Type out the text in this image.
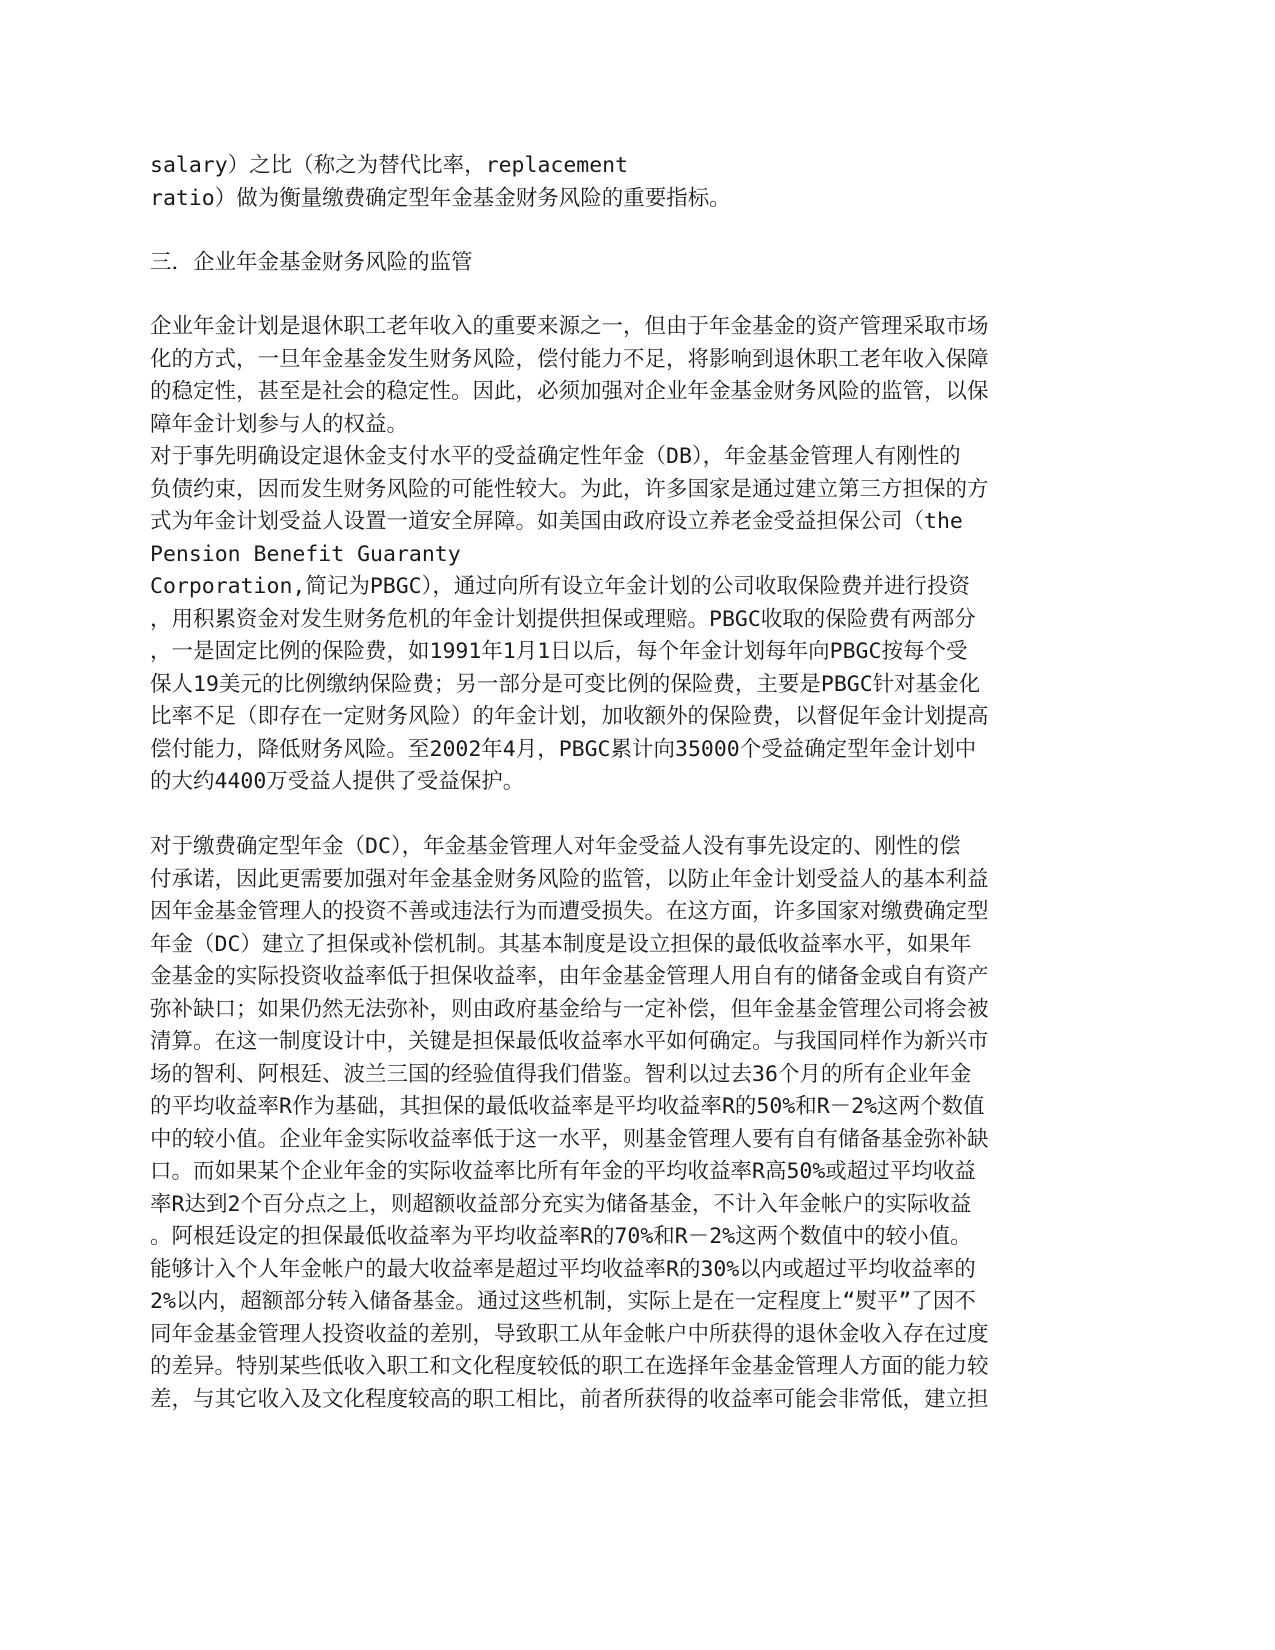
salary）之比（称之为替代比率，replacement
ratio）做为衡量缴费确定型年金基金财务风险的重要指标。
三．企业年金基金财务风险的监管
企业年金计划是退休职工老年收入的重要来源之一，但由于年金基金的资产管理采取市场
化的方式，一旦年金基金发生财务风险，偿付能力不足，将影响到退休职工老年收入保障
的稳定性，甚至是社会的稳定性。因此，必须加强对企业年金基金财务风险的监管，以保
障年金计划参与人的权益。
对于事先明确设定退休金支付水平的受益确定性年金（DB），年金基金管理人有刚性的
负债约束，因而发生财务风险的可能性较大。为此，许多国家是通过建立第三方担保的方
式为年金计划受益人设置一道安全屏障。如美国由政府设立养老金受益担保公司（the
Pension Benefit Guaranty
Corporation,简记为PBGC），通过向所有设立年金计划的公司收取保险费并进行投资
，用积累资金对发生财务危机的年金计划提供担保或理赔。PBGC收取的保险费有两部分
，一是固定比例的保险费，如1991年1月1日以后，每个年金计划每年向PBGC按每个受
保人19美元的比例缴纳保险费；另一部分是可变比例的保险费，主要是PBGC针对基金化
比率不足（即存在一定财务风险）的年金计划，加收额外的保险费，以督促年金计划提高
偿付能力，降低财务风险。至2002年4月，PBGC累计向35000个受益确定型年金计划中
的大约4400万受益人提供了受益保护。
对于缴费确定型年金（DC），年金基金管理人对年金受益人没有事先设定的、刚性的偿
付承诺，因此更需要加强对年金基金财务风险的监管，以防止年金计划受益人的基本利益
因年金基金管理人的投资不善或违法行为而遭受损失。在这方面，许多国家对缴费确定型
年金（DC）建立了担保或补偿机制。其基本制度是设立担保的最低收益率水平，如果年
金基金的实际投资收益率低于担保收益率，由年金基金管理人用自有的储备金或自有资产
弥补缺口；如果仍然无法弥补，则由政府基金给与一定补偿，但年金基金管理公司将会被
清算。在这一制度设计中，关键是担保最低收益率水平如何确定。与我国同样作为新兴市
场的智利、阿根廷、波兰三国的经验值得我们借鉴。智利以过去36个月的所有企业年金
的平均收益率R作为基础，其担保的最低收益率是平均收益率R的50%和R－2%这两个数值
中的较小值。企业年金实际收益率低于这一水平，则基金管理人要有自有储备基金弥补缺
口。而如果某个企业年金的实际收益率比所有年金的平均收益率R高50%或超过平均收益
率R达到2个百分点之上，则超额收益部分充实为储备基金，不计入年金帐户的实际收益
。阿根廷设定的担保最低收益率为平均收益率R的70%和R－2%这两个数值中的较小值。
能够计入个人年金帐户的最大收益率是超过平均收益率R的30%以内或超过平均收益率的
2%以内，超额部分转入储备基金。通过这些机制，实际上是在一定程度上“熨平”了因不
同年金基金管理人投资收益的差别，导致职工从年金帐户中所获得的退休金收入存在过度
的差异。特别某些低收入职工和文化程度较低的职工在选择年金基金管理人方面的能力较
差，与其它收入及文化程度较高的职工相比，前者所获得的收益率可能会非常低，建立担
